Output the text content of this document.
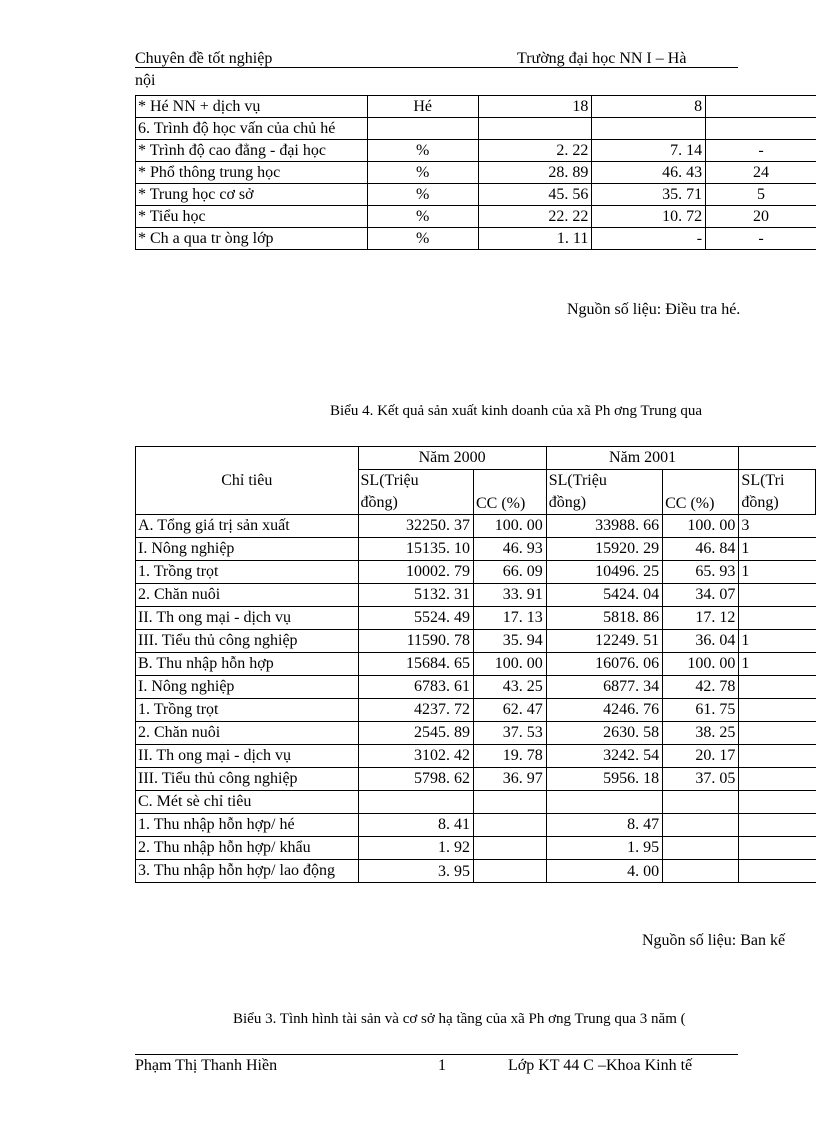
Chuyên đề tốt nghiệp	Trường đại học NN I – Hà
nội
* Hé NN + dịch vụ	Hé	18	8	
6. Trình độ học vấn của chủ hé				
* Trình độ cao đẳng - đại học	%	2. 22	7. 14	-
* Phổ thông trung học	%	28. 89	46. 43	24
* Trung học cơ sở	%	45. 56	35. 71	5
* Tiểu học	%	22. 22	10. 72	20
* Ch a qua tr òng lớp	%	1. 11	-	-
Nguồn số liệu: Điều tra hé.
Biểu 4. Kết quả sản xuất kinh doanh của xã Ph ơng Trung qua
Chỉ tiêu	Năm 2000		Năm 2001		
	SL(Triệu	CC (%)	SL(Triệu	CC (%)	SL(Tri
	đồng)		đồng)		đồng)
A. Tổng giá trị sản xuất	32250. 37	100. 00	33988. 66	100. 00	3
I. Nông nghiệp	15135. 10	46. 93	15920. 29	46. 84	1
1. Trồng trọt	10002. 79	66. 09	10496. 25	65. 93	1
2. Chăn nuôi	5132. 31	33. 91	5424. 04	34. 07	
II. Th ong mại - dịch vụ	5524. 49	17. 13	5818. 86	17. 12	
III. Tiểu thủ công nghiệp	11590. 78	35. 94	12249. 51	36. 04	1
B. Thu nhập hỗn hợp	15684. 65	100. 00	16076. 06	100. 00	1
I. Nông nghiệp	6783. 61	43. 25	6877. 34	42. 78	
1. Trồng trọt	4237. 72	62. 47	4246. 76	61. 75	
2. Chăn nuôi	2545. 89	37. 53	2630. 58	38. 25	
II. Th ong mại - dịch vụ	3102. 42	19. 78	3242. 54	20. 17	
III. Tiểu thủ công nghiệp	5798. 62	36. 97	5956. 18	37. 05	
C. Mét sè chỉ tiêu					
1. Thu nhập hỗn hợp/ hé	8. 41		8. 47		
2. Thu nhập hỗn hợp/ khẩu	1. 92		1. 95		
3. Thu nhập hỗn hợp/ lao động	3. 95		4. 00		
Nguồn số liệu: Ban kế
Biểu 3. Tình hình tài sản và cơ sở hạ tầng của xã Ph ơng Trung qua 3 năm (
Phạm Thị Thanh Hiền	1	Lớp KT 44 C –Khoa Kinh tế
